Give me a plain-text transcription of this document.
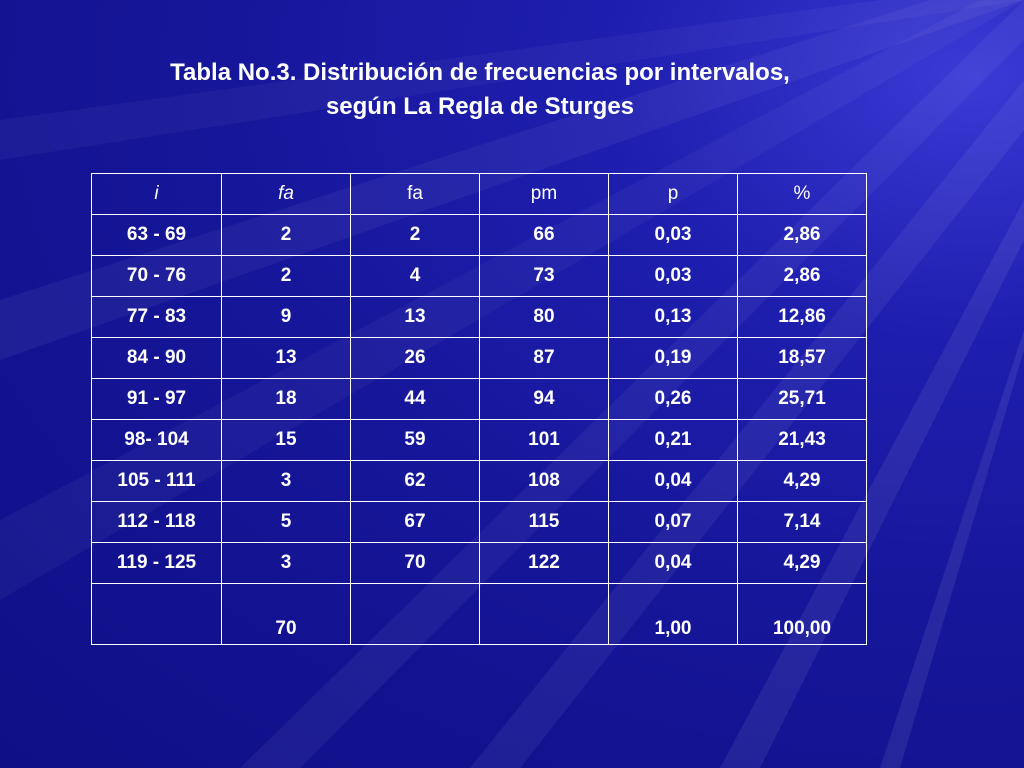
Tabla No.3. Distribución de frecuencias por intervalos,
según La Regla de Sturges
i	fa	fa	pm	p	%
63 - 69	2	2	66	0,03	2,86
70 - 76	2	4	73	0,03	2,86
77 - 83	9	13	80	0,13	12,86
84 - 90	13	26	87	0,19	18,57
91 - 97	18	44	94	0,26	25,71
98- 104	15	59	101	0,21	21,43
105 - 111	3	62	108	0,04	4,29
112 - 118	5	67	115	0,07	7,14
119 - 125	3	70	122	0,04	4,29
	70			1,00	100,00
